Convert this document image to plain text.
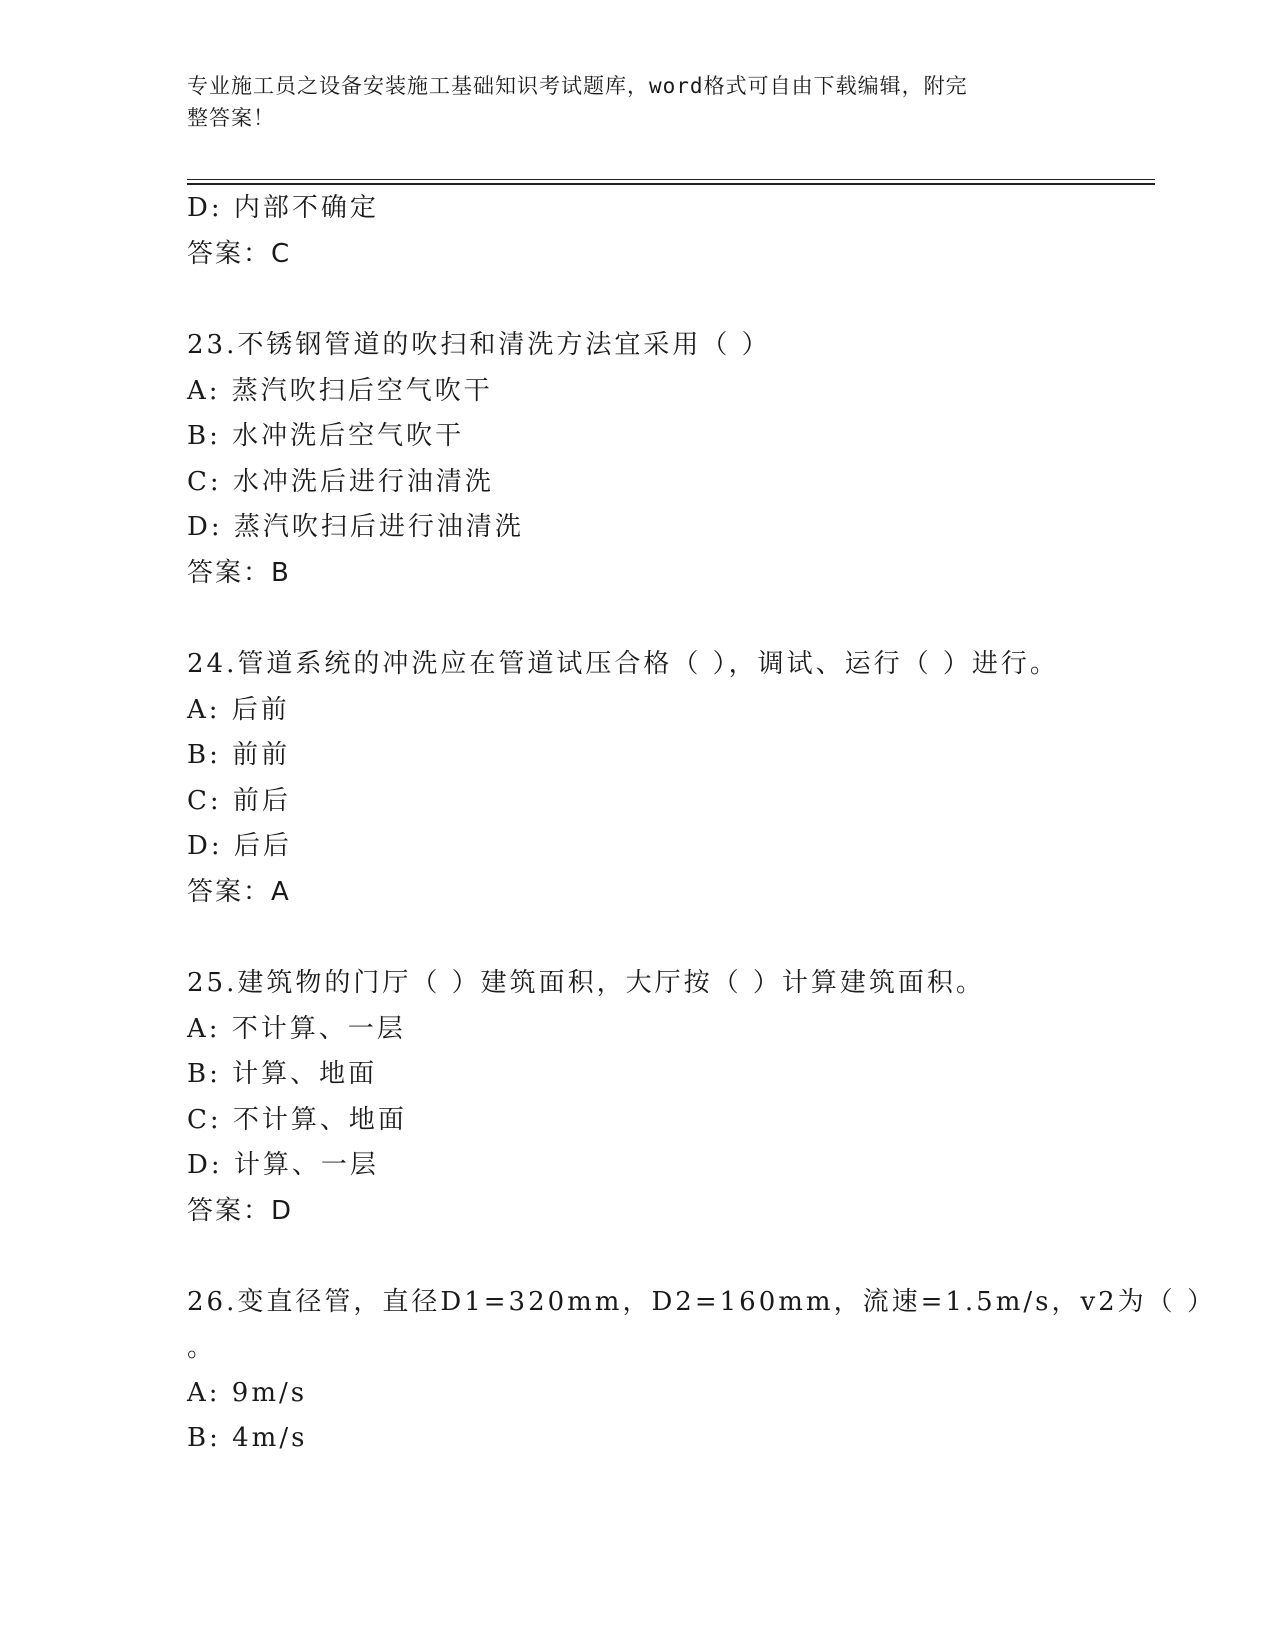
专业施工员之设备安装施工基础知识考试题库，word格式可自由下载编辑，附完
整答案！
D: 内部不确定
答案：C
23.不锈钢管道的吹扫和清洗方法宜采用（ ）
A: 蒸汽吹扫后空气吹干
B: 水冲洗后空气吹干
C: 水冲洗后进行油清洗
D: 蒸汽吹扫后进行油清洗
答案：B
24.管道系统的冲洗应在管道试压合格（ ），调试、运行（ ）进行。
A: 后前
B: 前前
C: 前后
D: 后后
答案：A
25.建筑物的门厅（ ）建筑面积，大厅按（ ）计算建筑面积。
A: 不计算、一层
B: 计算、地面
C: 不计算、地面
D: 计算、一层
答案：D
26.变直径管，直径D1=320mm，D2=160mm，流速=1.5m/s，v2为（ ）
。
A: 9m/s
B: 4m/s
